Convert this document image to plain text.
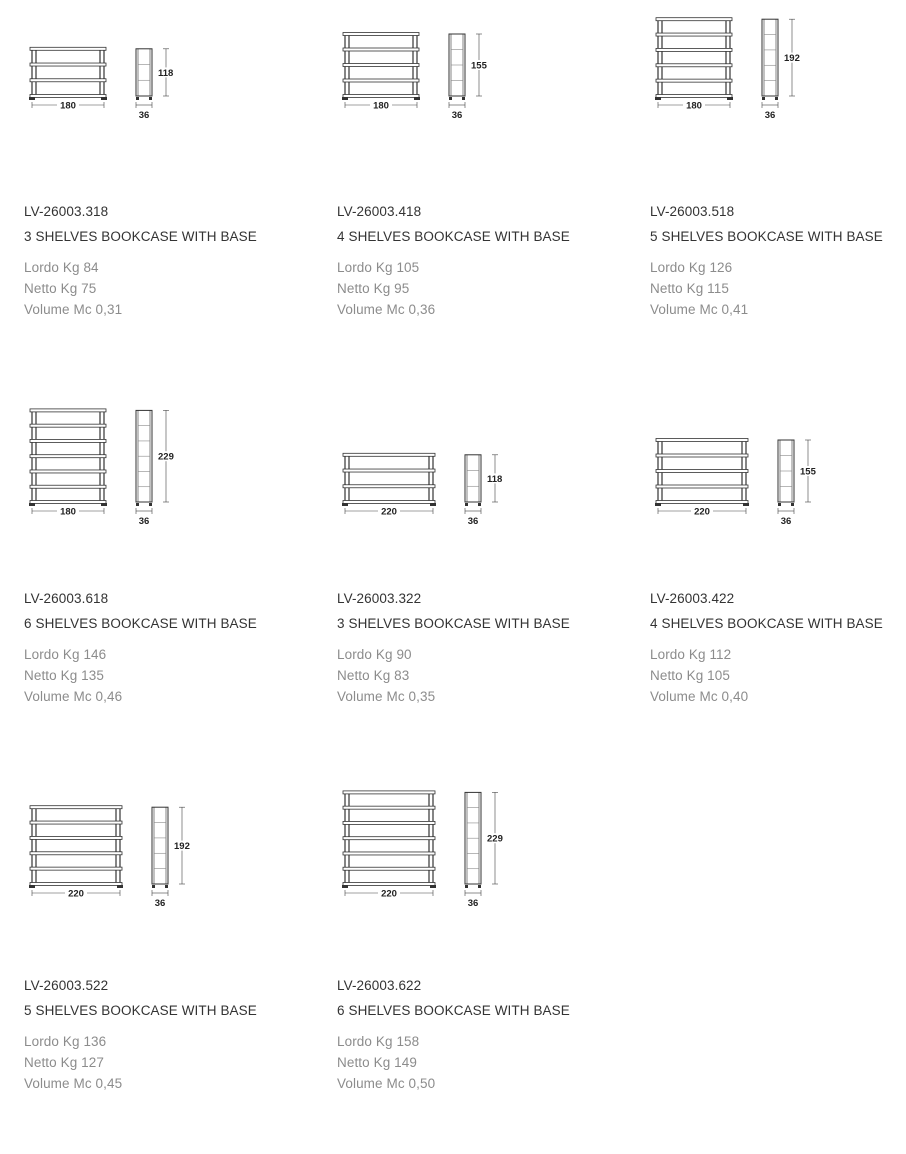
180
36
118
LV-26003.318
3 SHELVES BOOKCASE WITH BASE
Lordo Kg 84
Netto Kg 75
Volume Mc 0,31
180
36
155
LV-26003.418
4 SHELVES BOOKCASE WITH BASE
Lordo Kg 105
Netto Kg 95
Volume Mc 0,36
180
36
192
LV-26003.518
5 SHELVES BOOKCASE WITH BASE
Lordo Kg 126
Netto Kg 115
Volume Mc 0,41
180
36
229
LV-26003.618
6 SHELVES BOOKCASE WITH BASE
Lordo Kg 146
Netto Kg 135
Volume Mc 0,46
220
36
118
LV-26003.322
3 SHELVES BOOKCASE WITH BASE
Lordo Kg 90
Netto Kg 83
Volume Mc 0,35
220
36
155
LV-26003.422
4 SHELVES BOOKCASE WITH BASE
Lordo Kg 112
Netto Kg 105
Volume Mc 0,40
220
36
192
LV-26003.522
5 SHELVES BOOKCASE WITH BASE
Lordo Kg 136
Netto Kg 127
Volume Mc 0,45
220
36
229
LV-26003.622
6 SHELVES BOOKCASE WITH BASE
Lordo Kg 158
Netto Kg 149
Volume Mc 0,50
